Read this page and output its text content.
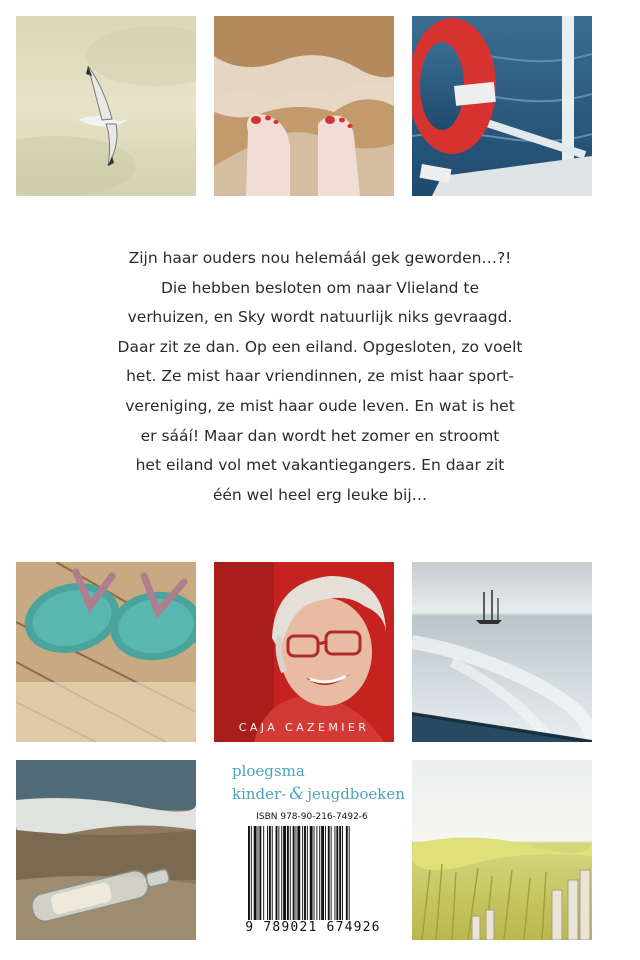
Zijn haar ouders nou helemáál gek geworden…?!
Die hebben besloten om naar Vlieland te
verhuizen, en Sky wordt natuurlijk niks gevraagd.
Daar zit ze dan. Op een eiland. Opgesloten, zo voelt
het. Ze mist haar vriendinnen, ze mist haar sport-
vereniging, ze mist haar oude leven. En wat is het
er sááí! Maar dan wordt het zomer en stroomt
het eiland vol met vakantiegangers. En daar zit
één wel heel erg leuke bij…

CAJA CAZEMIER
ploegsma
kinder- & jeugdboeken
ISBN 978-90-216-7492-6
9 789021 674926
